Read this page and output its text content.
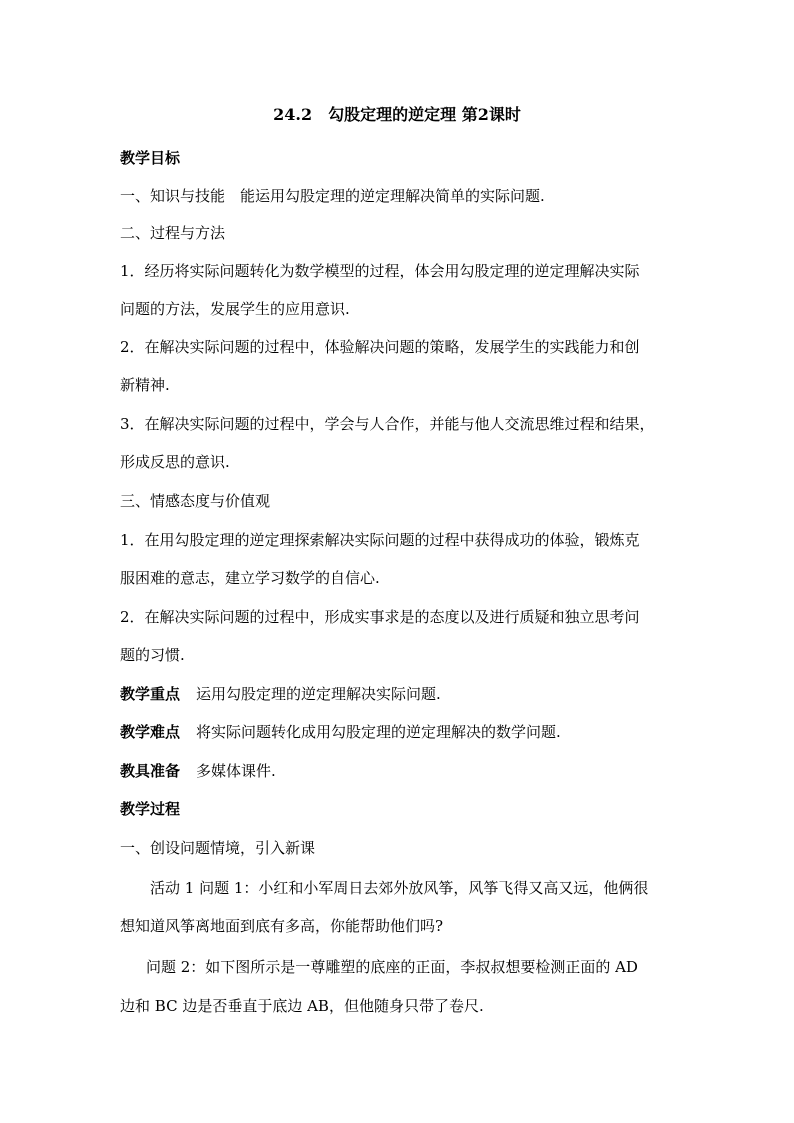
24.2　勾股定理的逆定理 第2课时
教学目标
一、知识与技能　能运用勾股定理的逆定理解决简单的实际问题.
二、过程与方法
1．经历将实际问题转化为数学模型的过程，体会用勾股定理的逆定理解决实际
问题的方法，发展学生的应用意识.
2．在解决实际问题的过程中，体验解决问题的策略，发展学生的实践能力和创
新精神.
3．在解决实际问题的过程中，学会与人合作，并能与他人交流思维过程和结果，
形成反思的意识.
三、情感态度与价值观
1．在用勾股定理的逆定理探索解决实际问题的过程中获得成功的体验，锻炼克
服困难的意志，建立学习数学的自信心.
2．在解决实际问题的过程中，形成实事求是的态度以及进行质疑和独立思考问
题的习惯.
教学重点 运用勾股定理的逆定理解决实际问题.
教学难点 将实际问题转化成用勾股定理的逆定理解决的数学问题.
教具准备 多媒体课件.
教学过程
一、创设问题情境，引入新课
活动 1 问题 1：小红和小军周日去郊外放风筝，风筝飞得又高又远，他俩很
想知道风筝离地面到底有多高，你能帮助他们吗?
问题 2：如下图所示是一尊雕塑的底座的正面，李叔叔想要检测正面的 AD
边和 BC 边是否垂直于底边 AB，但他随身只带了卷尺.
